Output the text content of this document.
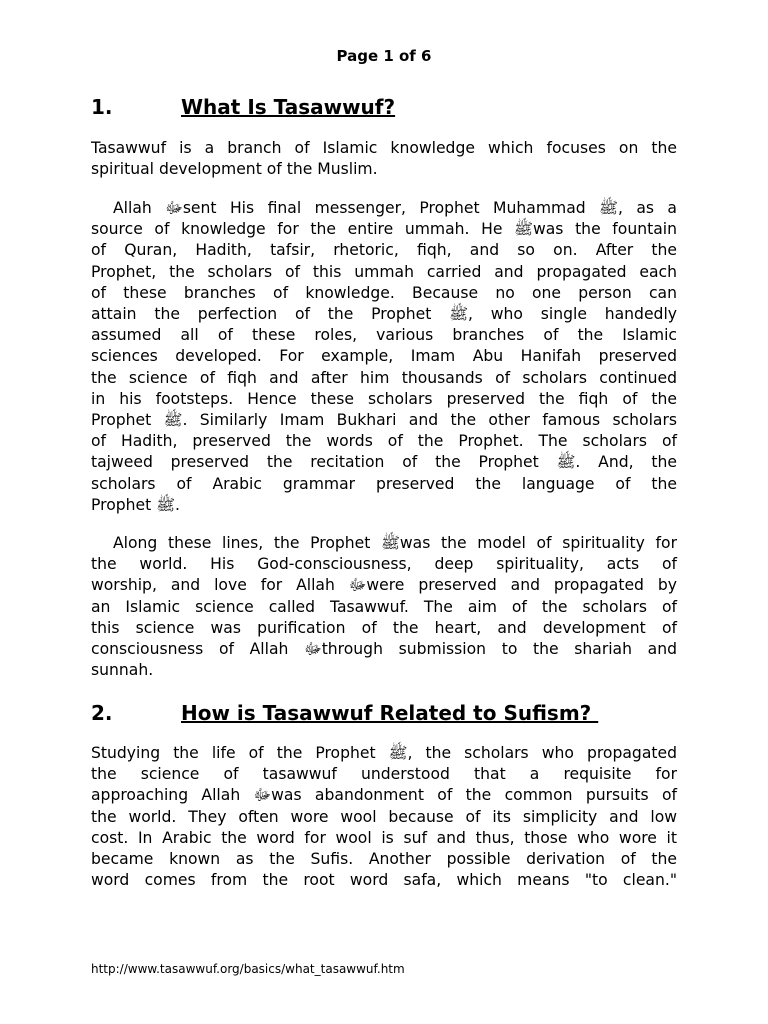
Page 1 of 6
1.	What Is Tasawwuf?

Tasawwuf is a branch of Islamic knowledge which focuses on the
spiritual development of the Muslim.

Allah ﷻsent His final messenger, Prophet Muhammad ﷺ, as a
source of knowledge for the entire ummah. He ﷺwas the fountain
of Quran, Hadith, tafsir, rhetoric, fiqh, and so on. After the
Prophet, the scholars of this ummah carried and propagated each
of these branches of knowledge. Because no one person can
attain the perfection of the Prophet ﷺ, who single handedly
assumed all of these roles, various branches of the Islamic
sciences developed. For example, Imam Abu Hanifah preserved
the science of fiqh and after him thousands of scholars continued
in his footsteps. Hence these scholars preserved the fiqh of the
Prophet ﷺ. Similarly Imam Bukhari and the other famous scholars
of Hadith, preserved the words of the Prophet. The scholars of
tajweed preserved the recitation of the Prophet ﷺ. And, the
scholars of Arabic grammar preserved the language of the
Prophet ﷺ.

Along these lines, the Prophet ﷺwas the model of spirituality for
the world. His God-consciousness, deep spirituality, acts of
worship, and love for Allah ﷻwere preserved and propagated by
an Islamic science called Tasawwuf. The aim of the scholars of
this science was purification of the heart, and development of
consciousness of Allah ﷻthrough submission to the shariah and
sunnah.

2.	How is Tasawwuf Related to Sufism?

Studying the life of the Prophet ﷺ, the scholars who propagated
the science of tasawwuf understood that a requisite for
approaching Allah ﷻwas abandonment of the common pursuits of
the world. They often wore wool because of its simplicity and low
cost. In Arabic the word for wool is suf and thus, those who wore it
became known as the Sufis. Another possible derivation of the
word comes from the root word safa, which means "to clean."

http://www.tasawwuf.org/basics/what_tasawwuf.htm
